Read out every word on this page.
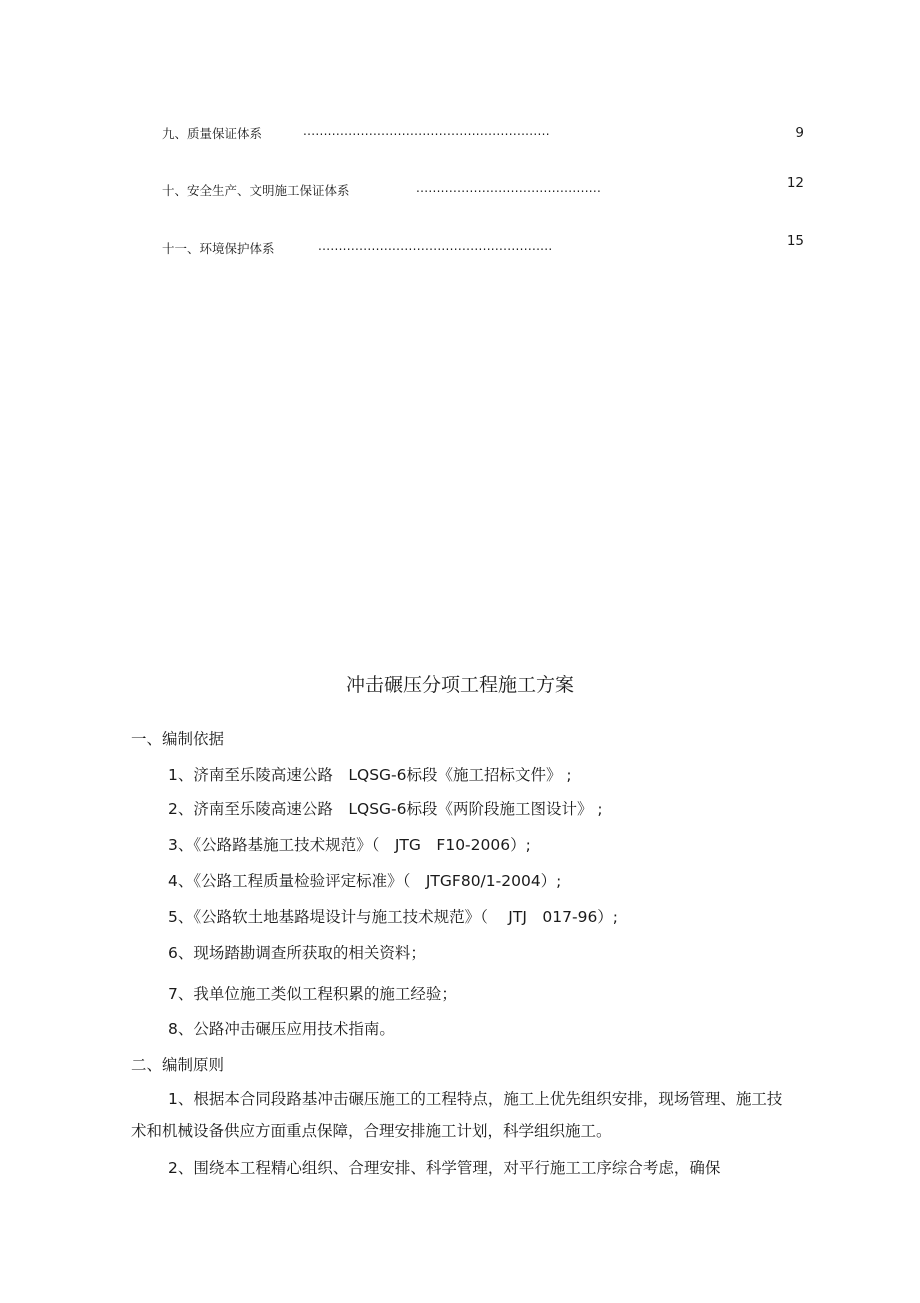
九、质量保证体系	............................................................	9
十、安全生产、文明施工保证体系	.............................................	12
十一、环境保护体系	.........................................................	15
冲击碾压分项工程施工方案
一、编制依据
1、济南至乐陵高速公路　LQSG-6标段《施工招标文件》 ;
2、济南至乐陵高速公路　LQSG-6标段《两阶段施工图设计》 ;
3、《公路路基施工技术规范》（　JTG　F10-2006）;
4、《公路工程质量检验评定标准》（　JTGF80/1-2004）;
5、《公路软土地基路堤设计与施工技术规范》（　 JTJ　017-96）;
6、现场踏勘调查所获取的相关资料；
7、我单位施工类似工程积累的施工经验；
8、公路冲击碾压应用技术指南。
二、编制原则
1、根据本合同段路基冲击碾压施工的工程特点，施工上优先组织安排，现场管理、施工技术和机械设备供应方面重点保障，合理安排施工计划，科学组织施工。
2、围绕本工程精心组织、合理安排、科学管理，对平行施工工序综合考虑，确保
